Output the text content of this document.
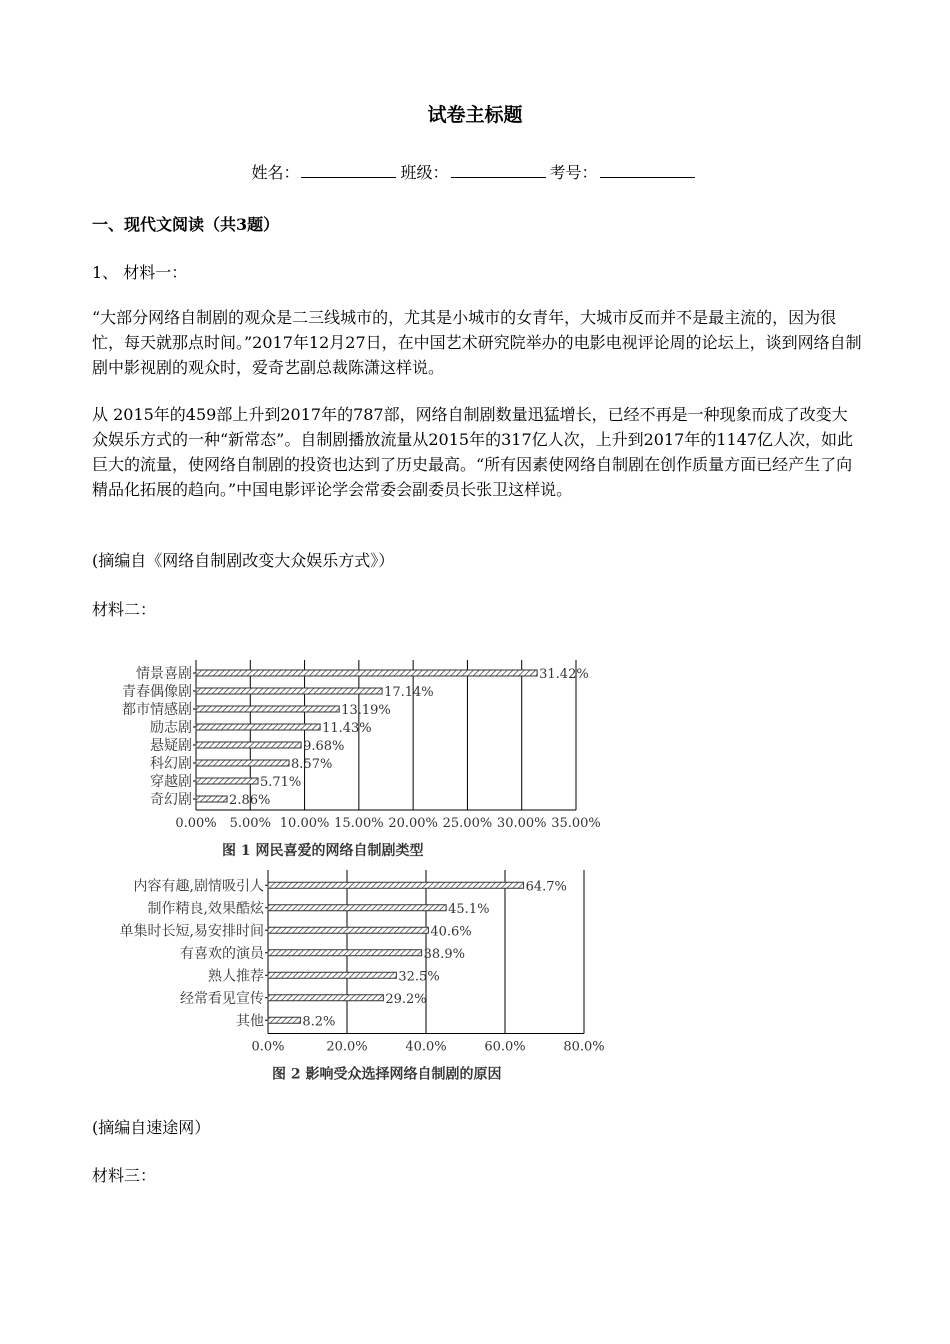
试卷主标题
姓名：	班级：	考号：
一、现代文阅读（共3题）
1、 材料一：
“大部分网络自制剧的观众是二三线城市的，尤其是小城市的女青年，大城市反而并不是最主流的，因为很忙，每天就那点时间。”2017年12月27日，在中国艺术研究院举办的电影电视评论周的论坛上，谈到网络自制剧中影视剧的观众时，爱奇艺副总裁陈潇这样说。
从 2015年的459部上升到2017年的787部，网络自制剧数量迅猛增长，已经不再是一种现象而成了改变大众娱乐方式的一种“新常态”。自制剧播放流量从2015年的317亿人次，上升到2017年的1147亿人次，如此巨大的流量，使网络自制剧的投资也达到了历史最高。“所有因素使网络自制剧在创作质量方面已经产生了向精品化拓展的趋向。”中国电影评论学会常委会副委员长张卫这样说。
(摘编自《网络自制剧改变大众娱乐方式》）
材料二：
0.00% 5.00% 10.00% 15.00% 20.00% 25.00% 30.00% 35.00%
情景喜剧	31.42%
青春偶像剧	17.14%
都市情感剧	13.19%
励志剧	11.43%
悬疑剧	9.68%
科幻剧	8.57%
穿越剧	5.71%
奇幻剧	2.86%
图 1 网民喜爱的网络自制剧类型
0.0%	20.0%	40.0%	60.0%	80.0%
内容有趣,剧情吸引人	64.7%
制作精良,效果酷炫	45.1%
单集时长短,易安排时间	40.6%
有喜欢的演员	38.9%
熟人推荐	32.5%
经常看见宣传	29.2%
其他	8.2%
图 2 影响受众选择网络自制剧的原因
(摘编自速途网）
材料三：
